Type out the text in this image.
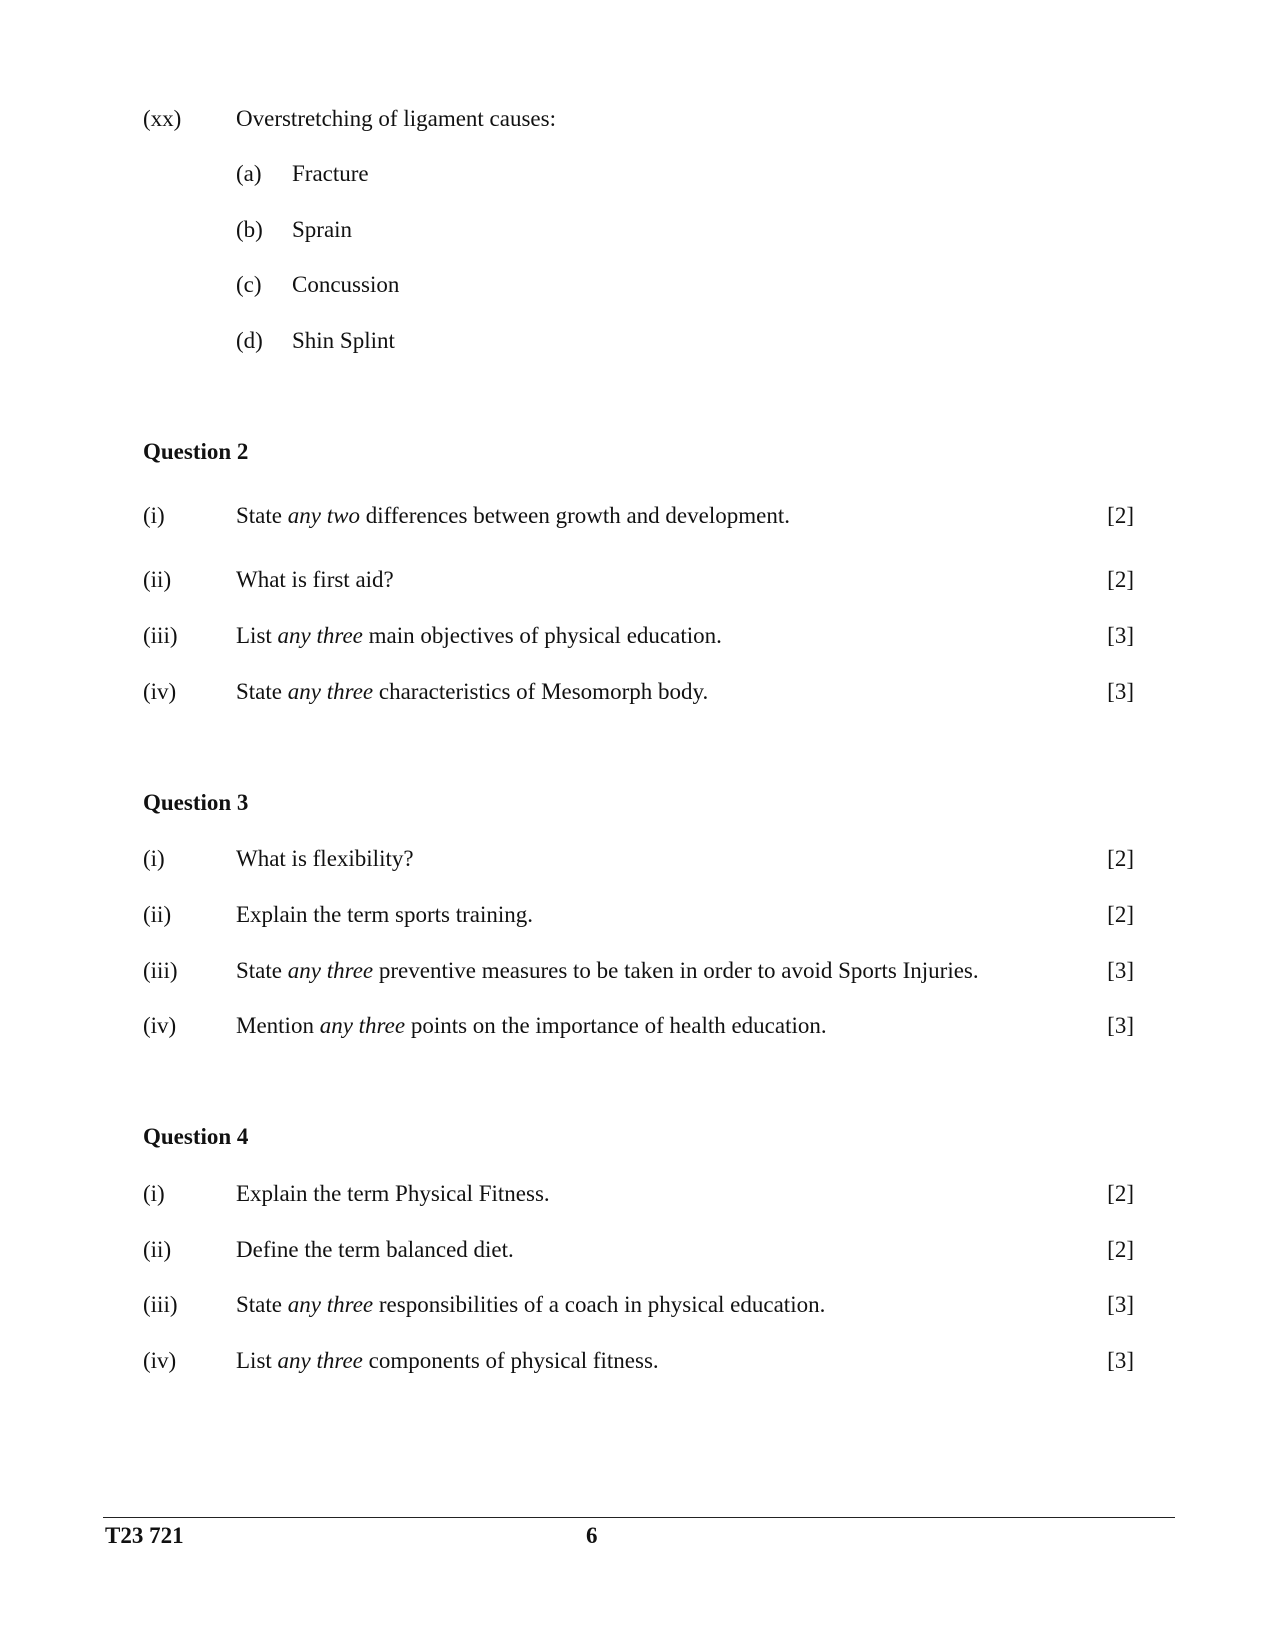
(xx) Overstretching of ligament causes:
(a) Fracture
(b) Sprain
(c) Concussion
(d) Shin Splint
Question 2
(i)	State any two differences between growth and development.	[2]
(ii)	What is first aid?	[2]
(iii)	List any three main objectives of physical education.	[3]
(iv)	State any three characteristics of Mesomorph body.	[3]
Question 3
(i)	What is flexibility?	[2]
(ii)	Explain the term sports training.	[2]
(iii)	State any three preventive measures to be taken in order to avoid Sports Injuries.	[3]
(iv)	Mention any three points on the importance of health education.	[3]
Question 4
(i)	Explain the term Physical Fitness.	[2]
(ii)	Define the term balanced diet.	[2]
(iii)	State any three responsibilities of a coach in physical education.	[3]
(iv)	List any three components of physical fitness.	[3]
T23 721	6
